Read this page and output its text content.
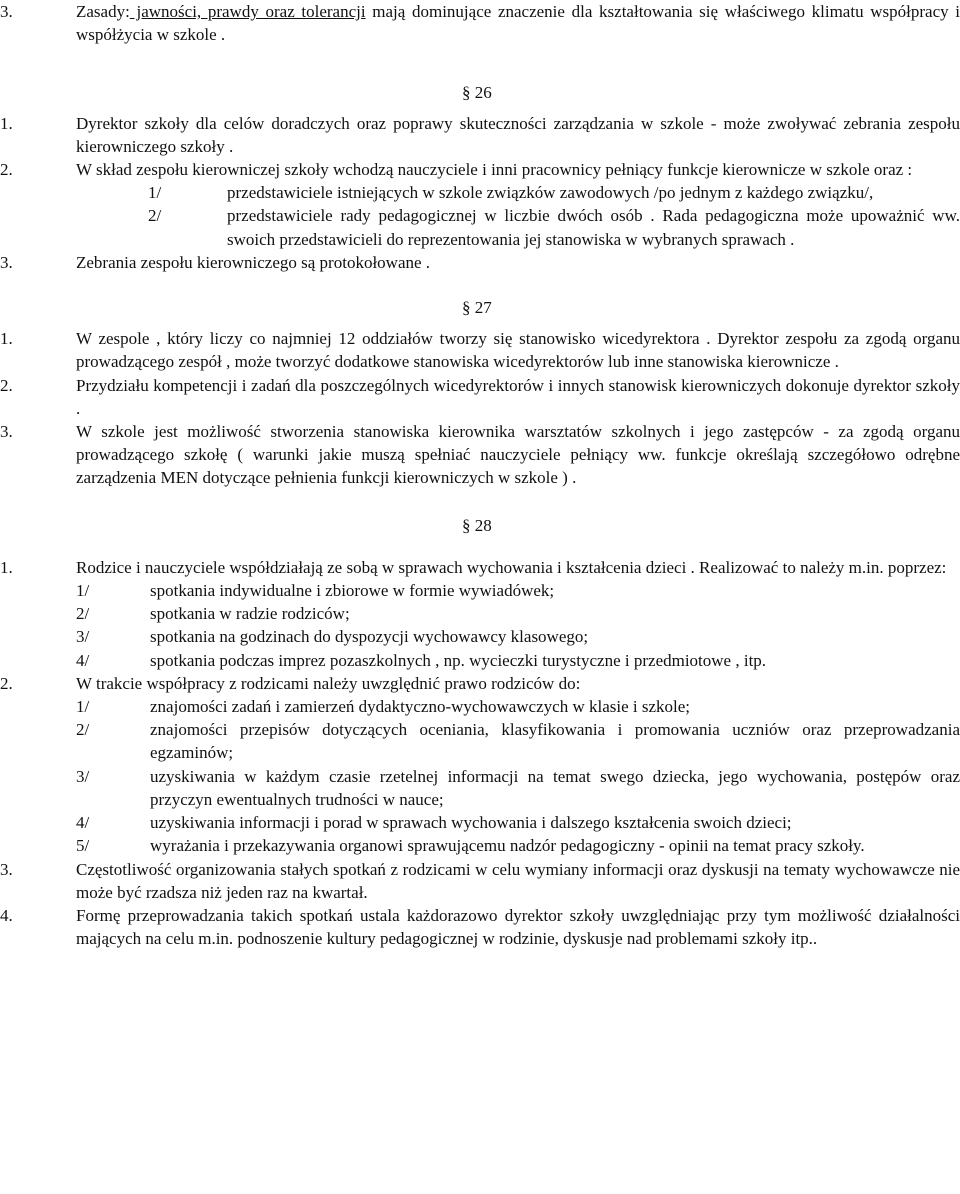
3.	Zasady: jawności, prawdy oraz tolerancji mają dominujące znaczenie dla kształtowania się właściwego klimatu współpracy i współżycia w szkole .
§ 26
1.	Dyrektor szkoły dla celów doradczych oraz poprawy skuteczności zarządzania w szkole - może zwoływać zebrania zespołu kierowniczego szkoły .
2.	W skład zespołu kierowniczej szkoły wchodzą nauczyciele i inni pracownicy pełniący funkcje kierownicze w szkole oraz :
1/	przedstawiciele istniejących w szkole związków zawodowych /po jednym z każdego związku/,
2/	przedstawiciele rady pedagogicznej w liczbie dwóch osób . Rada pedagogiczna może upoważnić ww. swoich przedstawicieli do reprezentowania jej stanowiska w wybranych sprawach .
3.	Zebrania zespołu kierowniczego są protokołowane .
§ 27
1.	W zespole , który liczy co najmniej 12 oddziałów tworzy się stanowisko wicedyrektora . Dyrektor zespołu za zgodą organu prowadzącego zespół , może tworzyć dodatkowe stanowiska wicedyrektorów lub inne stanowiska kierownicze .
2.	Przydziału kompetencji i zadań dla poszczególnych wicedyrektorów i innych stanowisk kierowniczych dokonuje dyrektor szkoły .
3.	W szkole jest możliwość stworzenia stanowiska kierownika warsztatów szkolnych i jego zastępców - za zgodą organu prowadzącego szkołę ( warunki jakie muszą spełniać nauczyciele pełniący ww. funkcje określają szczegółowo odrębne zarządzenia MEN dotyczące pełnienia funkcji kierowniczych w szkole ) .
§ 28
1.	Rodzice i nauczyciele współdziałają ze sobą w sprawach wychowania i kształcenia dzieci . Realizować to należy m.in. poprzez:
1/	spotkania indywidualne i zbiorowe w formie wywiadówek;
2/	spotkania w radzie rodziców;
3/	spotkania na godzinach do dyspozycji wychowawcy klasowego;
4/	spotkania podczas imprez pozaszkolnych , np. wycieczki turystyczne i przedmiotowe , itp.
2.	W trakcie współpracy z rodzicami należy uwzględnić prawo rodziców do:
1/	znajomości zadań i zamierzeń dydaktyczno-wychowawczych w klasie i szkole;
2/	znajomości przepisów dotyczących oceniania, klasyfikowania i promowania uczniów oraz przeprowadzania egzaminów;
3/	uzyskiwania w każdym czasie rzetelnej informacji na temat swego dziecka, jego wychowania, postępów oraz przyczyn ewentualnych trudności w nauce;
4/	uzyskiwania informacji i porad w sprawach wychowania i dalszego kształcenia swoich dzieci;
5/	wyrażania i przekazywania organowi sprawującemu nadzór pedagogiczny - opinii na temat pracy szkoły.
3.	Częstotliwość organizowania stałych spotkań z rodzicami w celu wymiany informacji oraz dyskusji na tematy wychowawcze nie może być rzadsza niż jeden raz na kwartał.
4.	Formę przeprowadzania takich spotkań ustala każdorazowo dyrektor szkoły uwzględniając przy tym możliwość działalności mających na celu m.in. podnoszenie kultury pedagogicznej w rodzinie, dyskusje nad problemami szkoły itp..
